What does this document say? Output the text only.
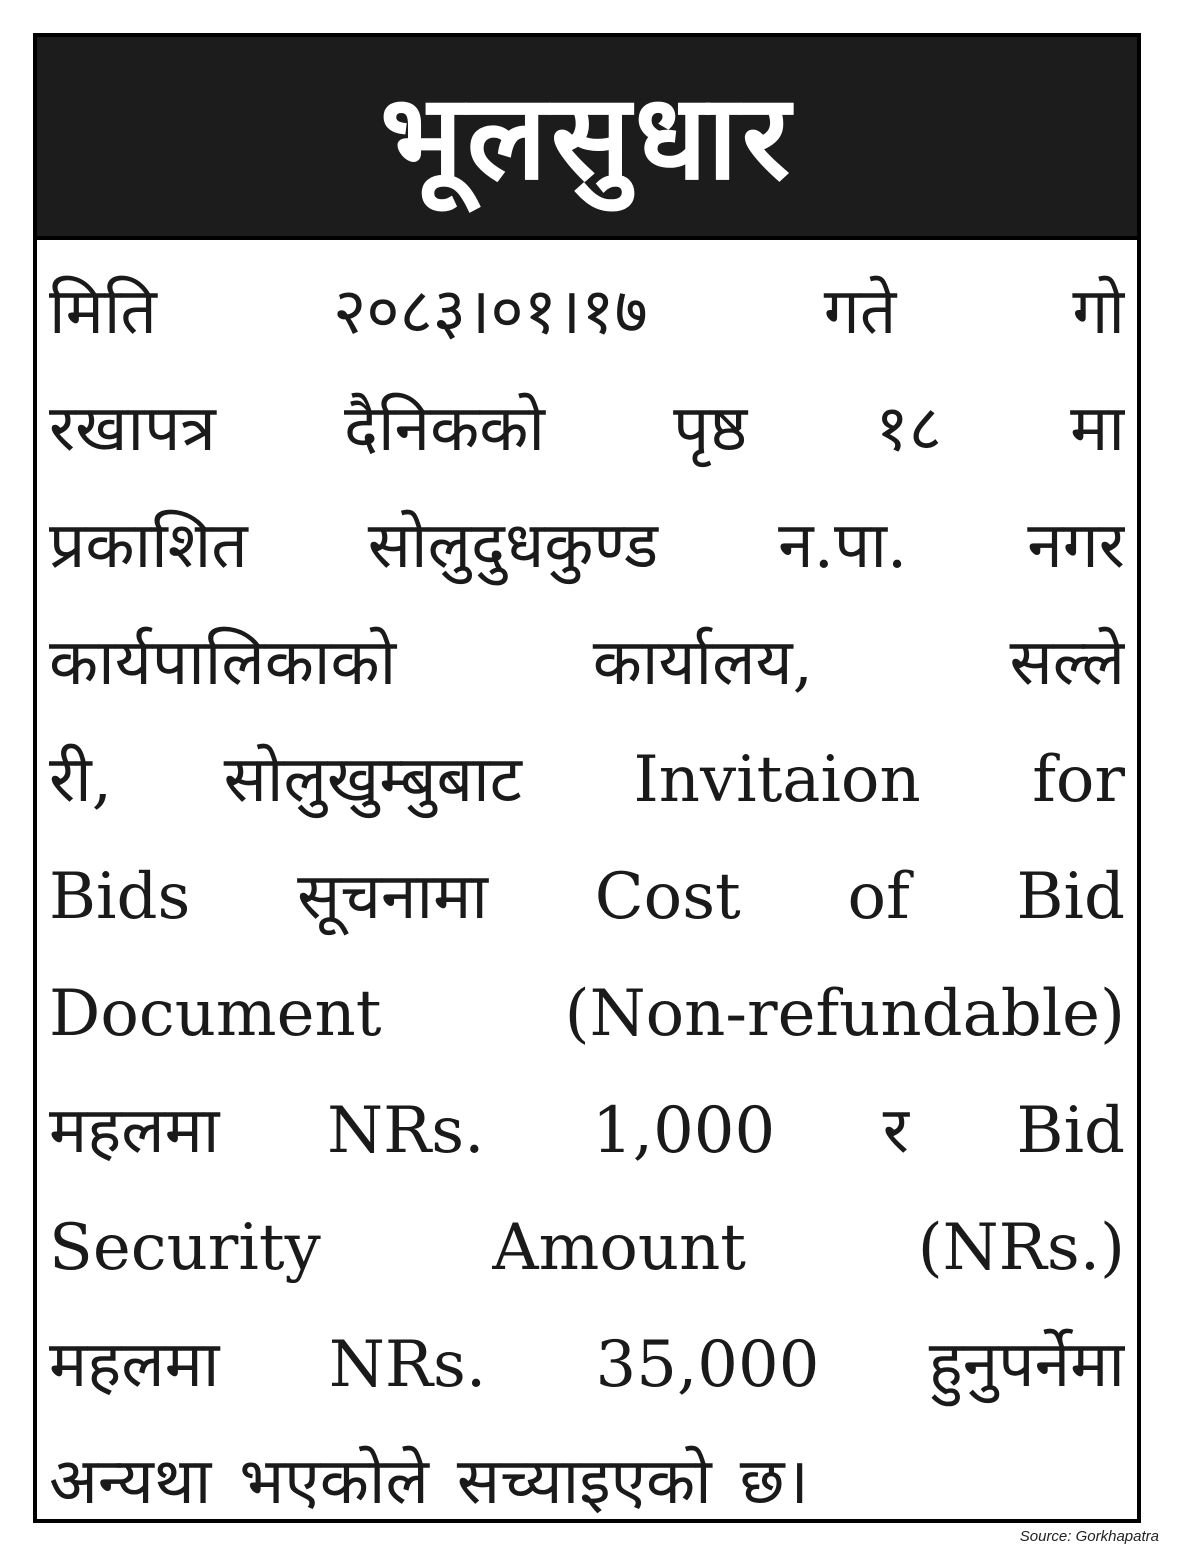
भूलसुधार
मिति	२०८३।०१।१७	गते	गो
रखापत्र दैनिकको पृष्ठ १८ मा
प्रकाशित सोलुदुधकुण्ड न.पा. नगर
कार्यपालिकाको	कार्यालय,	सल्ले
री, सोलुखुम्बुबाट Invitaion for
Bids सूचनामा Cost of Bid
Document	(Non-refundable)
महलमा NRs. 1,000 र Bid
Security	Amount	(NRs.)
महलमा NRs. 35,000 हुनुपर्नेमा
अन्यथा भएकोले सच्याइएको छ।
Source: Gorkhapatra
